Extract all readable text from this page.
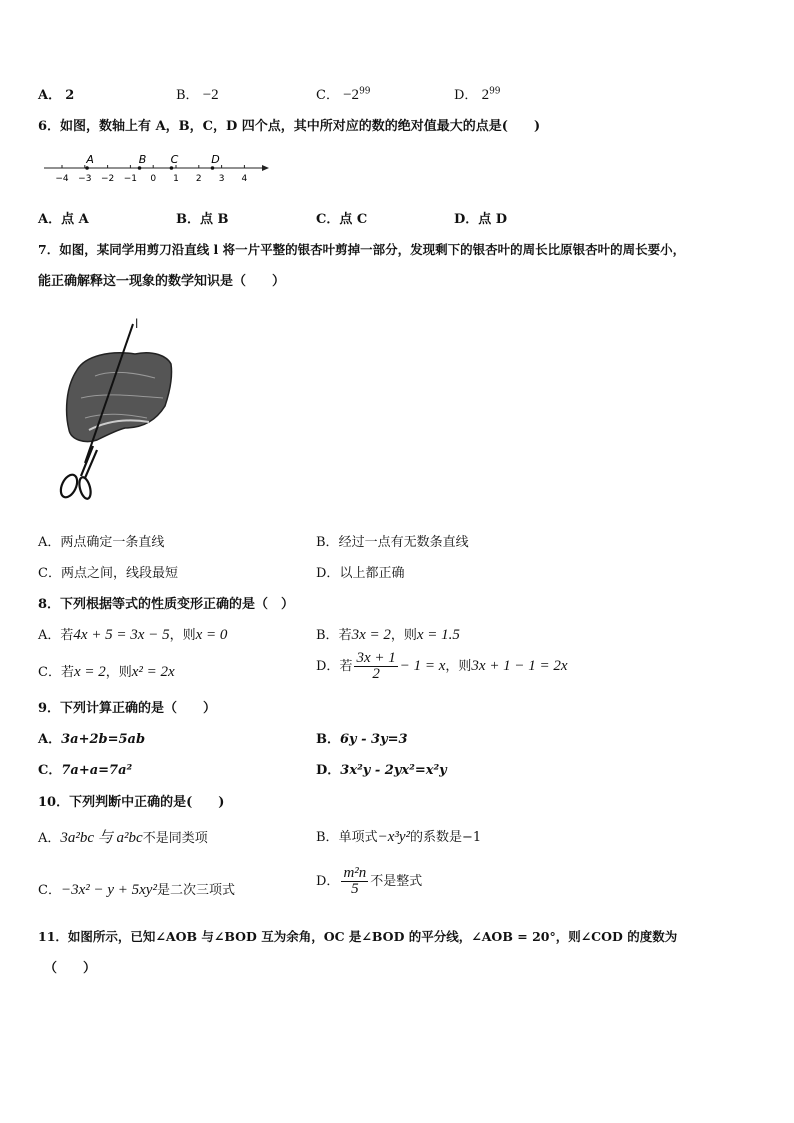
A． 2	B． −2	C． $-2^{99}$	D． $2^{99}$
6．如图，数轴上有 A，B，C，D 四个点，其中所对应的数的绝对值最大的点是(　　)
−4 −3 −2 −1 0 1 2 3 4
A	B C	D
A．点 A	B．点 B	C．点 C	D．点 D
7．如图，某同学用剪刀沿直线 l 将一片平整的银杏叶剪掉一部分，发现剩下的银杏叶的周长比原银杏叶的周长要小，
能正确解释这一现象的数学知识是（　　）
l
A．两点确定一条直线	B．经过一点有无数条直线
C．两点之间，线段最短	D．以上都正确
8．下列根据等式的性质变形正确的是（　）
A．若4x + 5 = 3x − 5，则x = 0	B．若3x = 2，则x = 1.5
C．若x = 2，则x² = 2x	D．若 $\frac{3x + 1}{2} - 1 = x$，则3x + 1 − 1 = 2x
9．下列计算正确的是（　　）
A．3a+2b=5ab	B．6y - 3y=3
C．7a+a=7a²	D．3x²y - 2yx²=x²y
10．下列判断中正确的是(　　)
A．3a²bc 与 a²bc不是同类项	B．单项式−x³y²的系数是−1
C．−3x² − y + 5xy²是二次三项式
D． $\frac{\text{m²n}}{5}$ 不是整式
11．如图所示，已知∠AOB 与∠BOD 互为余角，OC 是∠BOD 的平分线，∠AOB = 20°，则∠COD 的度数为
（　　）
